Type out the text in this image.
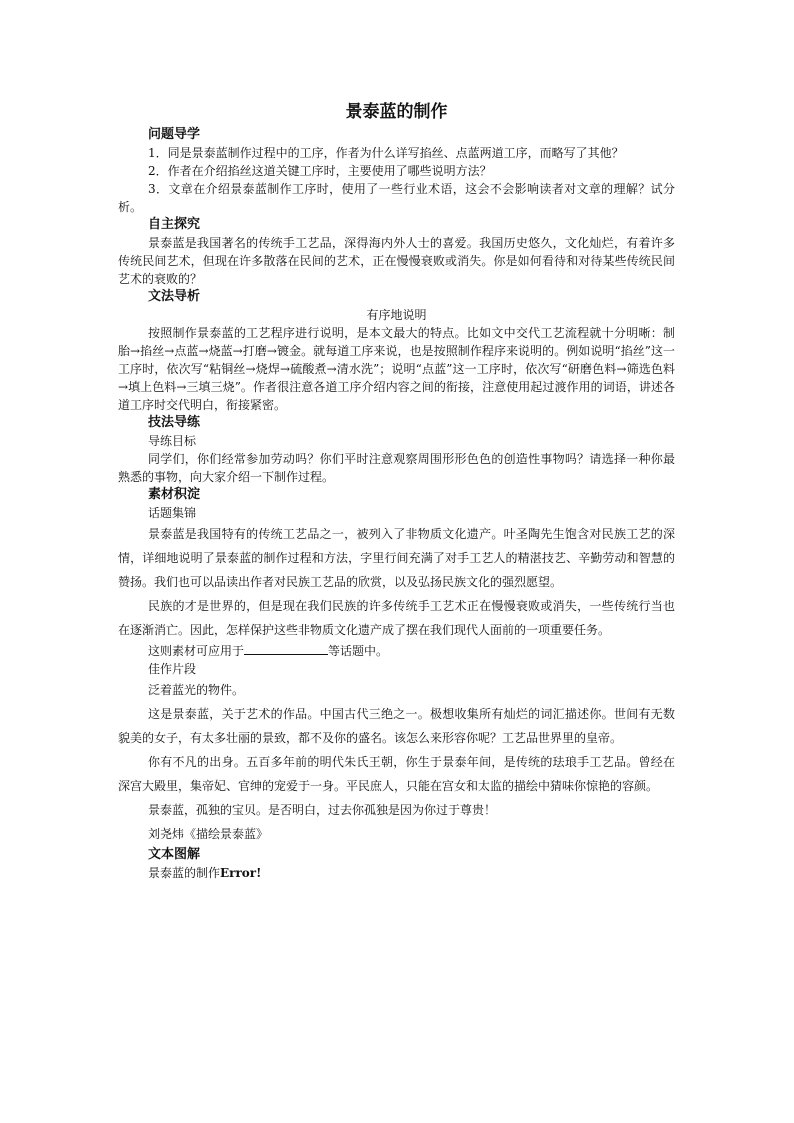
景泰蓝的制作
问题导学

1．同是景泰蓝制作过程中的工序，作者为什么详写掐丝、点蓝两道工序，而略写了其他？

2．作者在介绍掐丝这道关键工序时，主要使用了哪些说明方法？

3．文章在介绍景泰蓝制作工序时，使用了一些行业术语，这会不会影响读者对文章的理解？试分析。

自主探究

景泰蓝是我国著名的传统手工艺品，深得海内外人士的喜爱。我国历史悠久，文化灿烂，有着许多传统民间艺术，但现在许多散落在民间的艺术，正在慢慢衰败或消失。你是如何看待和对待某些传统民间艺术的衰败的？

文法导析
有序地说明

按照制作景泰蓝的工艺程序进行说明，是本文最大的特点。比如文中交代工艺流程就十分明晰：制胎→掐丝→点蓝→烧蓝→打磨→镀金。就每道工序来说，也是按照制作程序来说明的。例如说明“掐丝”这一工序时，依次写“粘铜丝→烧焊→硫酸煮→清水洗”；说明“点蓝”这一工序时，依次写“研磨色料→筛选色料→填上色料→三填三烧”。作者很注意各道工序介绍内容之间的衔接，注意使用起过渡作用的词语，讲述各道工序时交代明白，衔接紧密。

技法导练
导练目标

同学们，你们经常参加劳动吗？你们平时注意观察周围形形色色的创造性事物吗？请选择一种你最熟悉的事物，向大家介绍一下制作过程。

素材积淀
话题集锦

景泰蓝是我国特有的传统工艺品之一，被列入了非物质文化遗产。叶圣陶先生饱含对民族工艺的深情，详细地说明了景泰蓝的制作过程和方法，字里行间充满了对手工艺人的精湛技艺、辛勤劳动和智慧的赞扬。我们也可以品读出作者对民族工艺品的欣赏，以及弘扬民族文化的强烈愿望。

民族的才是世界的，但是现在我们民族的许多传统手工艺术正在慢慢衰败或消失，一些传统行当也在逐渐消亡。因此，怎样保护这些非物质文化遗产成了摆在我们现代人面前的一项重要任务。

这则素材可应用于	等话题中。

佳作片段

泛着蓝光的物件。

这是景泰蓝，关于艺术的作品。中国古代三绝之一。极想收集所有灿烂的词汇描述你。世间有无数貌美的女子，有太多壮丽的景致，都不及你的盛名。该怎么来形容你呢？工艺品世界里的皇帝。

你有不凡的出身。五百多年前的明代朱氏王朝，你生于景泰年间，是传统的珐琅手工艺品。曾经在深宫大殿里，集帝妃、官绅的宠爱于一身。平民庶人，只能在宫女和太监的描绘中猜味你惊艳的容颜。

景泰蓝，孤独的宝贝。是否明白，过去你孤独是因为你过于尊贵！

刘尧炜《描绘景泰蓝》

文本图解
景泰蓝的制作Error!
